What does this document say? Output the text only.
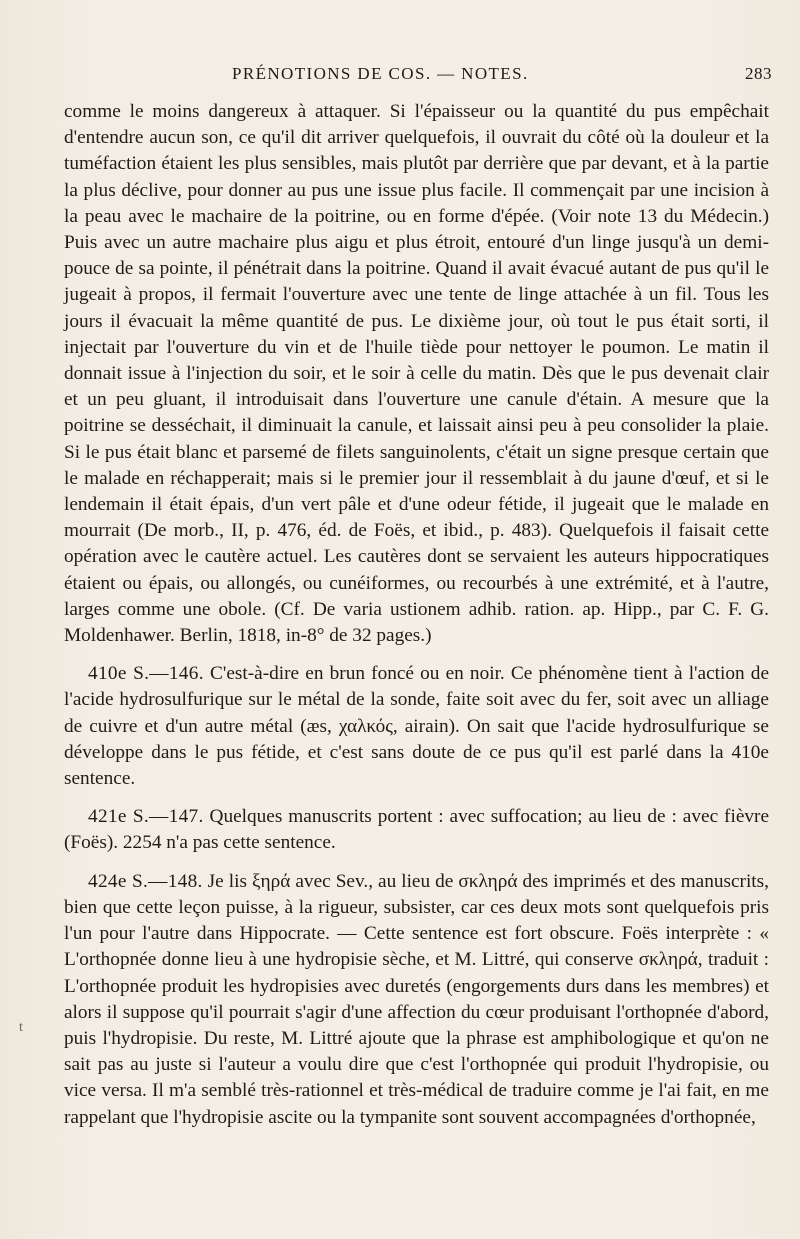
PRÉNOTIONS DE COS. — NOTES.	283
t

comme le moins dangereux à attaquer. Si l'épaisseur ou la quantité du pus empêchait d'entendre aucun son, ce qu'il dit arriver quelquefois, il ouvrait du côté où la douleur et la tuméfaction étaient les plus sensibles, mais plutôt par derrière que par devant, et à la partie la plus déclive, pour donner au pus une issue plus facile. Il commençait par une incision à la peau avec le machaire de la poitrine, ou en forme d'épée. (Voir note 13 du Médecin.) Puis avec un autre machaire plus aigu et plus étroit, entouré d'un linge jusqu'à un demi-pouce de sa pointe, il pénétrait dans la poitrine. Quand il avait évacué autant de pus qu'il le jugeait à propos, il fermait l'ouverture avec une tente de linge attachée à un fil. Tous les jours il évacuait la même quantité de pus. Le dixième jour, où tout le pus était sorti, il injectait par l'ouverture du vin et de l'huile tiède pour nettoyer le poumon. Le matin il donnait issue à l'injection du soir, et le soir à celle du matin. Dès que le pus devenait clair et un peu gluant, il introduisait dans l'ouverture une canule d'étain. A mesure que la poitrine se desséchait, il diminuait la canule, et laissait ainsi peu à peu consolider la plaie. Si le pus était blanc et parsemé de filets sanguinolents, c'était un signe presque certain que le malade en réchapperait; mais si le premier jour il ressemblait à du jaune d'œuf, et si le lendemain il était épais, d'un vert pâle et d'une odeur fétide, il jugeait que le malade en mourrait (De morb., II, p. 476, éd. de Foës, et ibid., p. 483). Quelquefois il faisait cette opération avec le cautère actuel. Les cautères dont se servaient les auteurs hippocratiques étaient ou épais, ou allongés, ou cunéiformes, ou recourbés à une extrémité, et à l'autre, larges comme une obole. (Cf. De varia ustionem adhib. ration. ap. Hipp., par C. F. G. Moldenhawer. Berlin, 1818, in-8° de 32 pages.)

410e S.—146. C'est-à-dire en brun foncé ou en noir. Ce phénomène tient à l'action de l'acide hydrosulfurique sur le métal de la sonde, faite soit avec du fer, soit avec un alliage de cuivre et d'un autre métal (æs, χαλκός, airain). On sait que l'acide hydrosulfurique se développe dans le pus fétide, et c'est sans doute de ce pus qu'il est parlé dans la 410e sentence.

421e S.—147. Quelques manuscrits portent : avec suffocation; au lieu de : avec fièvre (Foës). 2254 n'a pas cette sentence.

424e S.—148. Je lis ξηρά avec Sev., au lieu de σκληρά des imprimés et des manuscrits, bien que cette leçon puisse, à la rigueur, subsister, car ces deux mots sont quelquefois pris l'un pour l'autre dans Hippocrate. — Cette sentence est fort obscure. Foës interprète : « L'orthopnée donne lieu à une hydropisie sèche, et M. Littré, qui conserve σκληρά, traduit : L'orthopnée produit les hydropisies avec duretés (engorgements durs dans les membres) et alors il suppose qu'il pourrait s'agir d'une affection du cœur produisant l'orthopnée d'abord, puis l'hydropisie. Du reste, M. Littré ajoute que la phrase est amphibologique et qu'on ne sait pas au juste si l'auteur a voulu dire que c'est l'orthopnée qui produit l'hydropisie, ou vice versa. Il m'a semblé très-rationnel et très-médical de traduire comme je l'ai fait, en me rappelant que l'hydropisie ascite ou la tympanite sont souvent accompagnées d'orthopnée,
